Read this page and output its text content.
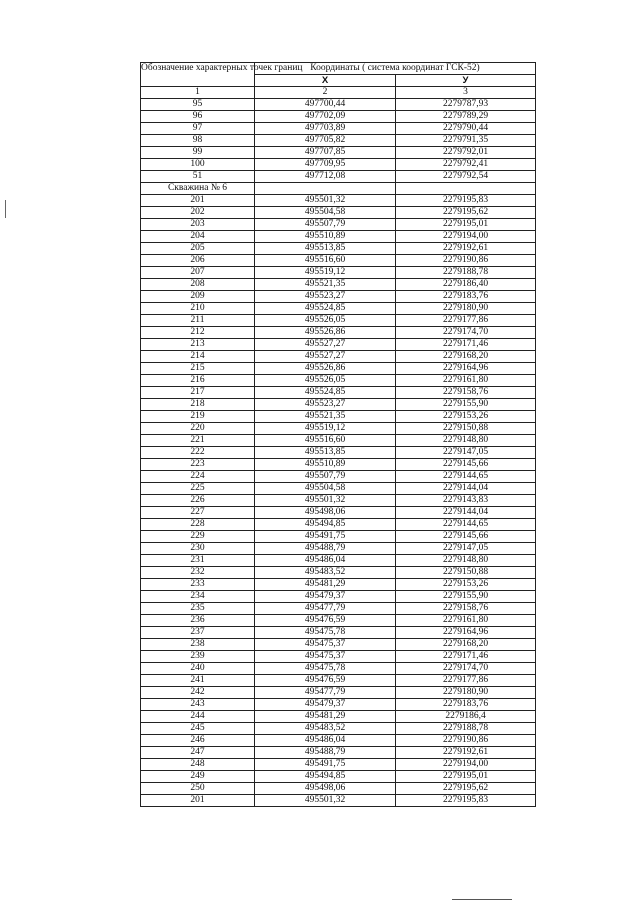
Обозначение характерных точек границ	Координаты ( система координат ГСК-52)	
	X	У
1	2	3
95	497700,44	2279787,93
96	497702,09	2279789,29
97	497703,89	2279790,44
98	497705,82	2279791,35
99	497707,85	2279792,01
100	497709,95	2279792,41
51	497712,08	2279792,54
Скважина № 6		
201	495501,32	2279195,83
202	495504,58	2279195,62
203	495507,79	2279195,01
204	495510,89	2279194,00
205	495513,85	2279192,61
206	495516,60	2279190,86
207	495519,12	2279188,78
208	495521,35	2279186,40
209	495523,27	2279183,76
210	495524,85	2279180,90
211	495526,05	2279177,86
212	495526,86	2279174,70
213	495527,27	2279171,46
214	495527,27	2279168,20
215	495526,86	2279164,96
216	495526,05	2279161,80
217	495524,85	2279158,76
218	495523,27	2279155,90
219	495521,35	2279153,26
220	495519,12	2279150,88
221	495516,60	2279148,80
222	495513,85	2279147,05
223	495510,89	2279145,66
224	495507,79	2279144,65
225	495504,58	2279144,04
226	495501,32	2279143,83
227	495498,06	2279144,04
228	495494,85	2279144,65
229	495491,75	2279145,66
230	495488,79	2279147,05
231	495486,04	2279148,80
232	495483,52	2279150,88
233	495481,29	2279153,26
234	495479,37	2279155,90
235	495477,79	2279158,76
236	495476,59	2279161,80
237	495475,78	2279164,96
238	495475,37	2279168,20
239	495475,37	2279171,46
240	495475,78	2279174,70
241	495476,59	2279177,86
242	495477,79	2279180,90
243	495479,37	2279183,76
244	495481,29	2279186,4
245	495483,52	2279188,78
246	495486,04	2279190,86
247	495488,79	2279192,61
248	495491,75	2279194,00
249	495494,85	2279195,01
250	495498,06	2279195,62
201	495501,32	2279195,83
